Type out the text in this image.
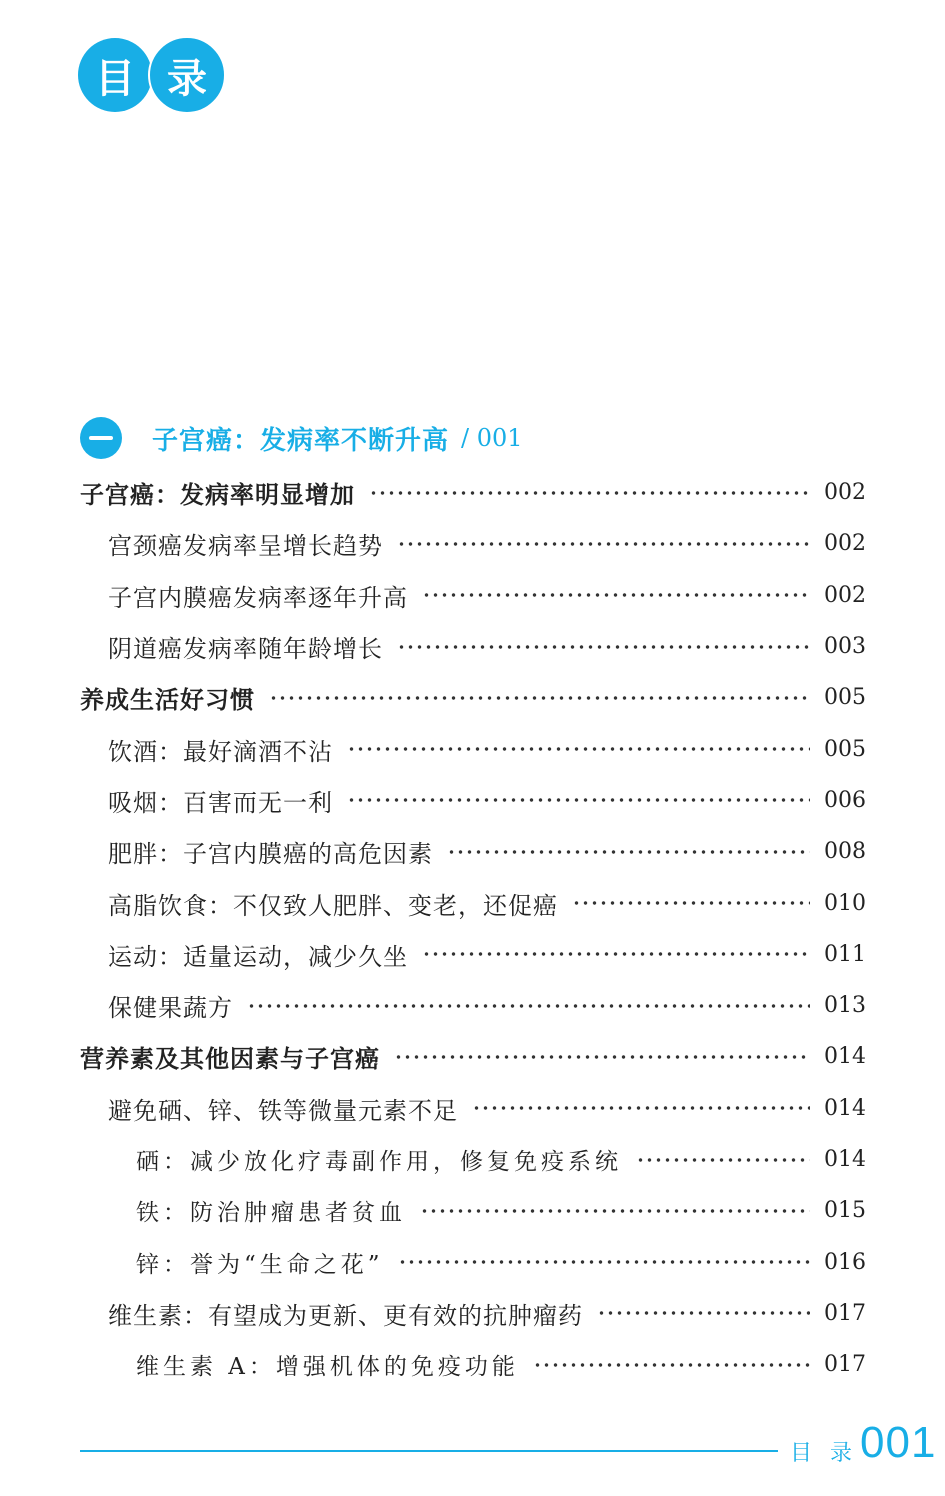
目 录
子宫癌：发病率不断升高 / 001
子宫癌：发病率明显增加	002
宫颈癌发病率呈增长趋势	002
子宫内膜癌发病率逐年升高	002
阴道癌发病率随年龄增长	003
养成生活好习惯	005
饮酒：最好滴酒不沾	005
吸烟：百害而无一利	006
肥胖：子宫内膜癌的高危因素	008
高脂饮食：不仅致人肥胖、变老，还促癌	010
运动：适量运动，减少久坐	011
保健果蔬方	013
营养素及其他因素与子宫癌	014
避免硒、锌、铁等微量元素不足	014
硒：减少放化疗毒副作用，修复免疫系统	014
铁：防治肿瘤患者贫血	015
锌：誉为“生命之花”	016
维生素：有望成为更新、更有效的抗肿瘤药	017
维生素 A：增强机体的免疫功能	017
目录
001
